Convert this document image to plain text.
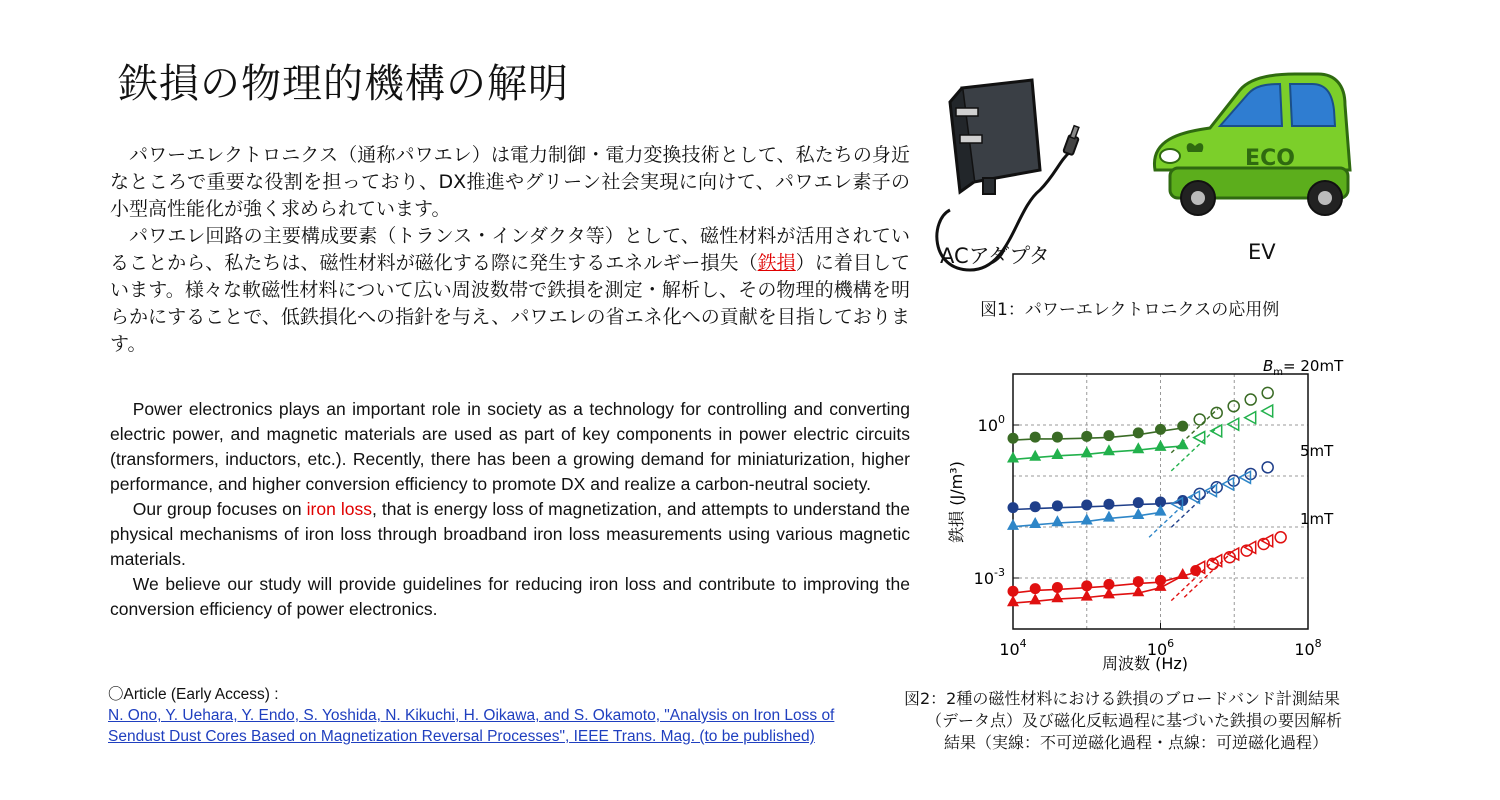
鉄損の物理的機構の解明

パワーエレクトロニクス（通称パワエレ）は電力制御・電力変換技術として、私たちの身近なところで重要な役割を担っており、DX推進やグリーン社会実現に向けて、パワエレ素子の小型高性能化が強く求められています。

パワエレ回路の主要構成要素（トランス・インダクタ等）として、磁性材料が活用されていることから、私たちは、磁性材料が磁化する際に発生するエネルギー損失（鉄損）に着目しています。様々な軟磁性材料について広い周波数帯で鉄損を測定・解析し、その物理的機構を明らかにすることで、低鉄損化への指針を与え、パワエレの省エネ化への貢献を目指しております。

Power electronics plays an important role in society as a technology for controlling and converting electric power, and magnetic materials are used as part of key components in power electric circuits (transformers, inductors, etc.). Recently, there has been a growing demand for miniaturization, higher performance, and higher conversion efficiency to promote DX and realize a carbon-neutral society.

Our group focuses on iron loss, that is energy loss of magnetization, and attempts to understand the physical mechanisms of iron loss through broadband iron loss measurements using various magnetic materials.

We believe our study will provide guidelines for reducing iron loss and contribute to improving the conversion efficiency of power electronics.

〇Article (Early Access) :
N. Ono, Y. Uehara, Y. Endo, S. Yoshida, N. Kikuchi, H. Oikawa, and S. Okamoto, "Analysis on Iron Loss of
Sendust Dust Cores Based on Magnetization Reversal Processes", IEEE Trans. Mag. (to be published)
ECO
ACアダプタ	EV
図1：パワーエレクトロニクスの応用例
$10^4$	$10^6$	$10^8$
$10^0$
$10^{-3}$
$B_m= 20mT$
5mT
1mT
周波数 (Hz)
鉄損 (J/m³)
図2：2種の磁性材料における鉄損のブロードバンド計測結果
（データ点）及び磁化反転過程に基づいた鉄損の要因解析
結果（実線：不可逆磁化過程・点線：可逆磁化過程）
